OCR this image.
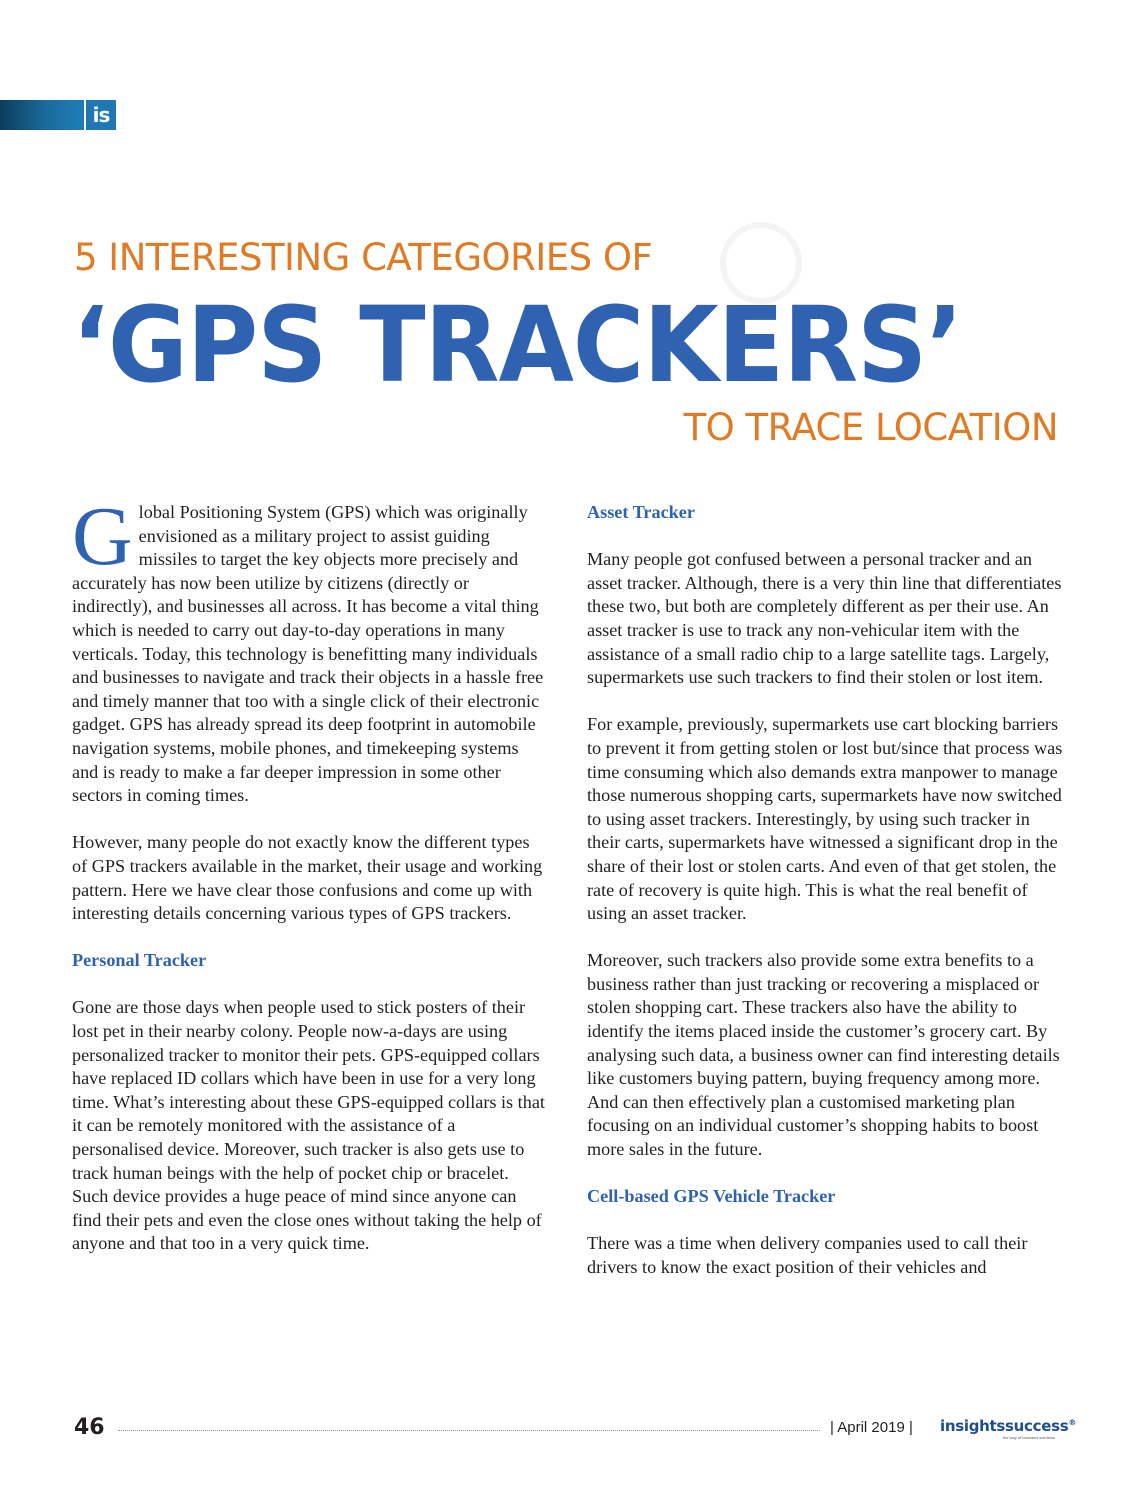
is
5 INTERESTING CATEGORIES OF
‘GPS TRACKERS’
TO TRACE LOCATION

Global Positioning System (GPS) which was originally envisioned as a military project to assist guiding missiles to target the key objects more precisely and accurately has now been utilize by citizens (directly or indirectly), and businesses all across. It has become a vital thing which is needed to carry out day-to-day operations in many verticals. Today, this technology is benefitting many individuals and businesses to navigate and track their objects in a hassle free and timely manner that too with a single click of their electronic gadget. GPS has already spread its deep footprint in automobile navigation systems, mobile phones, and timekeeping systems and is ready to make a far deeper impression in some other sectors in coming times.

However, many people do not exactly know the different types of GPS trackers available in the market, their usage and working pattern. Here we have clear those confusions and come up with interesting details concerning various types of GPS trackers.

Personal Tracker

Gone are those days when people used to stick posters of their lost pet in their nearby colony. People now-a-days are using personalized tracker to monitor their pets. GPS-equipped collars have replaced ID collars which have been in use for a very long time. What’s interesting about these GPS-equipped collars is that it can be remotely monitored with the assistance of a personalised device. Moreover, such tracker is also gets use to track human beings with the help of pocket chip or bracelet. Such device provides a huge peace of mind since anyone can find their pets and even the close ones without taking the help of anyone and that too in a very quick time.

Asset Tracker

Many people got confused between a personal tracker and an asset tracker. Although, there is a very thin line that differentiates these two, but both are completely different as per their use. An asset tracker is use to track any non-vehicular item with the assistance of a small radio chip to a large satellite tags. Largely, supermarkets use such trackers to find their stolen or lost item.

For example, previously, supermarkets use cart blocking barriers to prevent it from getting stolen or lost but/since that process was time consuming which also demands extra manpower to manage those numerous shopping carts, supermarkets have now switched to using asset trackers. Interestingly, by using such tracker in their carts, supermarkets have witnessed a significant drop in the share of their lost or stolen carts. And even of that get stolen, the rate of recovery is quite high. This is what the real benefit of using an asset tracker.

Moreover, such trackers also provide some extra benefits to a business rather than just tracking or recovering a misplaced or stolen shopping cart. These trackers also have the ability to identify the items placed inside the customer’s grocery cart. By analysing such data, a business owner can find interesting details like customers buying pattern, buying frequency among more. And can then effectively plan a customised marketing plan focusing on an individual customer’s shopping habits to boost more sales in the future.

Cell-based GPS Vehicle Tracker

There was a time when delivery companies used to call their drivers to know the exact position of their vehicles and

46	| April 2019 | insightssuccess®
the way of business solutions
